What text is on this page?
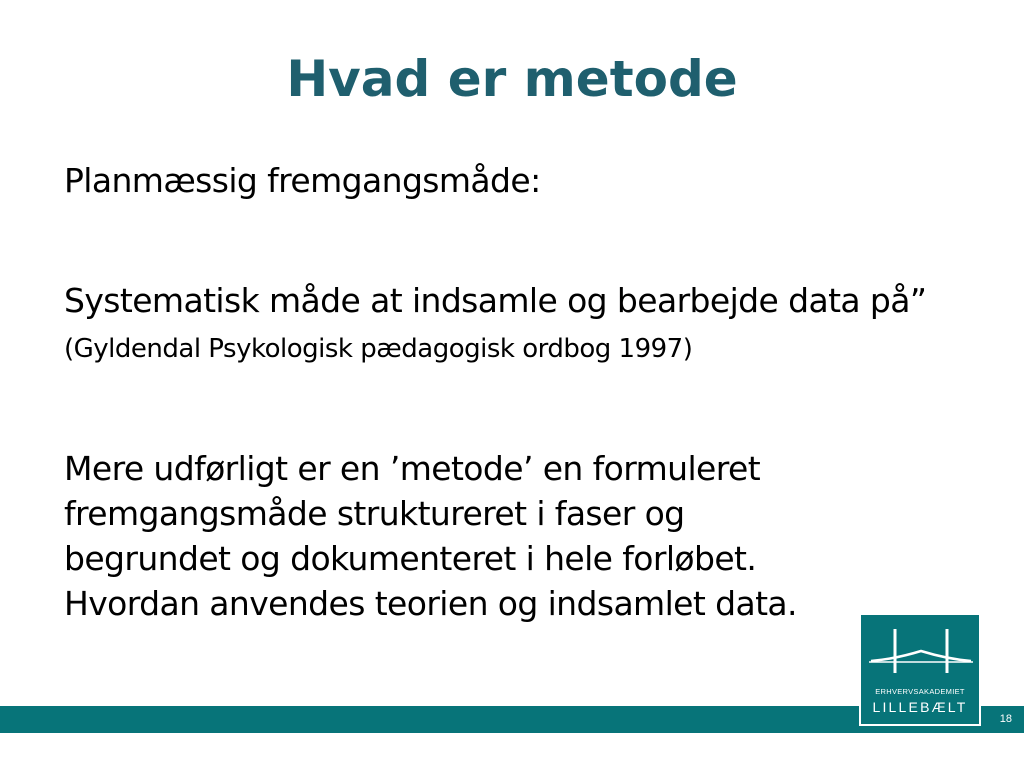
Hvad er metode

Planmæssig fremgangsmåde:

Systematisk måde at indsamle og bearbejde data på” (Gyldendal Psykologisk pædagogisk ordbog 1997)

Mere udførligt er en ’metode’ en formuleret
fremgangsmåde struktureret i faser og
begrundet og dokumenteret i hele forløbet.
Hvordan anvendes teorien og indsamlet data.
18
ERHVERVSAKADEMIET
LILLEBÆLT
